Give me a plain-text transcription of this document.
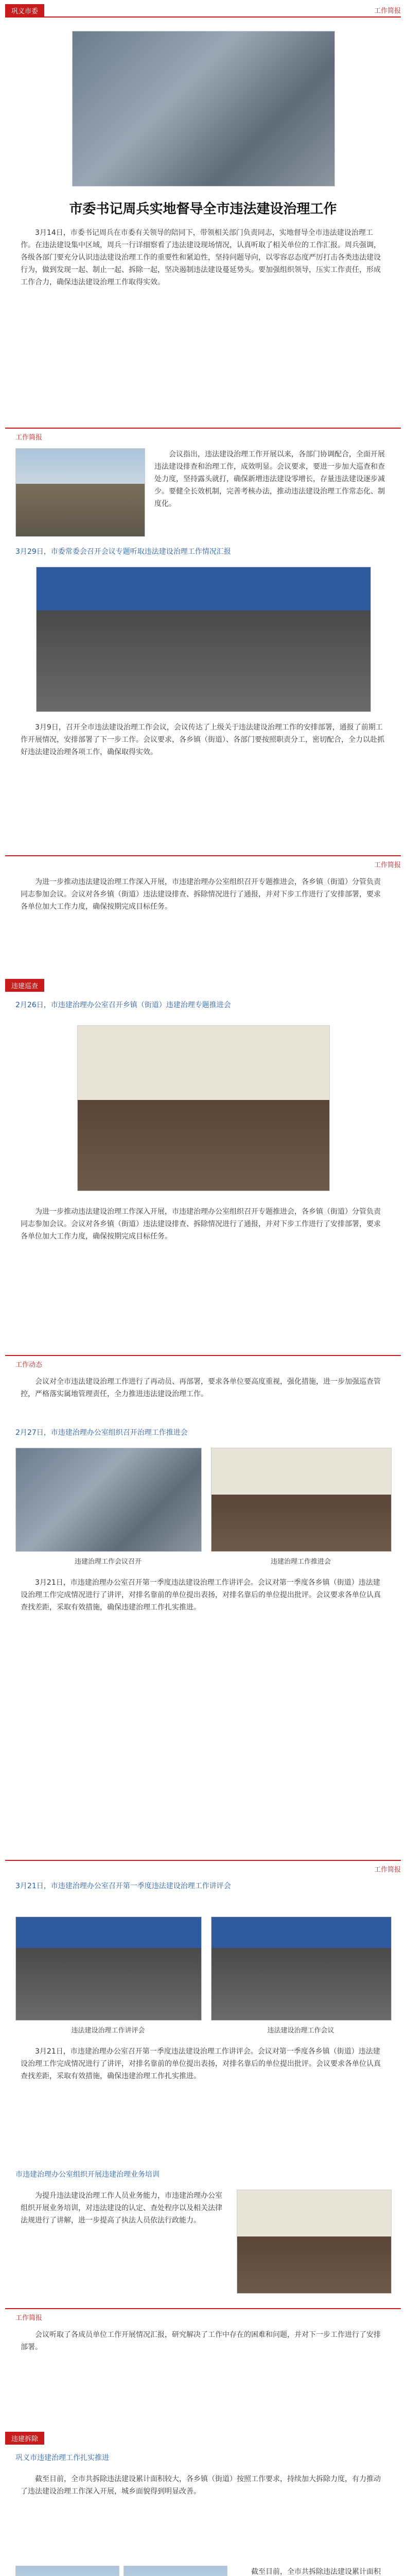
巩义市委	工作简报
市委书记周兵实地督导全市违法建设治理工作
3月14日，市委书记周兵在市委有关领导的陪同下，带领相关部门负责同志，实地督导全市违法建设治理工作。在违法建设集中区域，周兵一行详细察看了违法建设现场情况，认真听取了相关单位的工作汇报。周兵强调，各级各部门要充分认识违法建设治理工作的重要性和紧迫性，坚持问题导向，以零容忍态度严厉打击各类违法建设行为，做到发现一起、制止一起、拆除一起，坚决遏制违法建设蔓延势头。要加强组织领导，压实工作责任，形成工作合力，确保违法建设治理工作取得实效。
工作简报
会议指出，违法建设治理工作开展以来，各部门协调配合，全面开展违法建设排查和治理工作，成效明显。会议要求，要进一步加大巡查和查处力度，坚持露头就打，确保新增违法建设零增长，存量违法建设逐步减少。要健全长效机制，完善考核办法，推动违法建设治理工作常态化、制度化。
3月29日，市委常委会召开会议专题听取违法建设治理工作情况汇报
3月9日，召开全市违法建设治理工作会议，会议传达了上级关于违法建设治理工作的安排部署，通报了前期工作开展情况，安排部署了下一步工作。会议要求，各乡镇（街道）、各部门要按照职责分工，密切配合，全力以赴抓好违法建设治理各项工作，确保取得实效。
工作简报
为进一步推动违法建设治理工作深入开展，市违建治理办公室组织召开专题推进会，各乡镇（街道）分管负责同志参加会议。会议对各乡镇（街道）违法建设排查、拆除情况进行了通报，并对下步工作进行了安排部署，要求各单位加大工作力度，确保按期完成目标任务。
违建巡查
2月26日，市违建治理办公室召开乡镇（街道）违建治理专题推进会
为进一步推动违法建设治理工作深入开展，市违建治理办公室组织召开专题推进会，各乡镇（街道）分管负责同志参加会议。会议对各乡镇（街道）违法建设排查、拆除情况进行了通报，并对下步工作进行了安排部署，要求各单位加大工作力度，确保按期完成目标任务。
工作动态
会议对全市违法建设治理工作进行了再动员、再部署，要求各单位要高度重视，强化措施，进一步加强巡查管控，严格落实属地管理责任，全力推进违法建设治理工作。
2月27日，市违建治理办公室组织召开治理工作推进会
违建治理工作会议召开	违建治理工作推进会
3月21日，市违建治理办公室召开第一季度违法建设治理工作讲评会。会议对第一季度各乡镇（街道）违法建设治理工作完成情况进行了讲评，对排名靠前的单位提出表扬，对排名靠后的单位提出批评。会议要求各单位认真查找差距，采取有效措施，确保违建治理工作扎实推进。
工作简报
3月21日，市违建治理办公室召开第一季度违法建设治理工作讲评会
违法建设治理工作讲评会	违法建设治理工作会议
3月21日，市违建治理办公室召开第一季度违法建设治理工作讲评会。会议对第一季度各乡镇（街道）违法建设治理工作完成情况进行了讲评，对排名靠前的单位提出表扬，对排名靠后的单位提出批评。会议要求各单位认真查找差距，采取有效措施，确保违建治理工作扎实推进。
市违建治理办公室组织开展违建治理业务培训
为提升违法建设治理工作人员业务能力，市违建治理办公室组织开展业务培训，对违法建设的认定、查处程序以及相关法律法规进行了讲解，进一步提高了执法人员依法行政能力。
工作简报
会议听取了各成员单位工作开展情况汇报，研究解决了工作中存在的困难和问题，并对下一步工作进行了安排部署。
违建拆除
巩义市违建治理工作扎实推进
截至目前，全市共拆除违法建设累计面积较大，各乡镇（街道）按照工作要求，持续加大拆除力度，有力推动了违法建设治理工作深入开展，城乡面貌得到明显改善。
截至目前，全市共拆除违法建设累计面积
